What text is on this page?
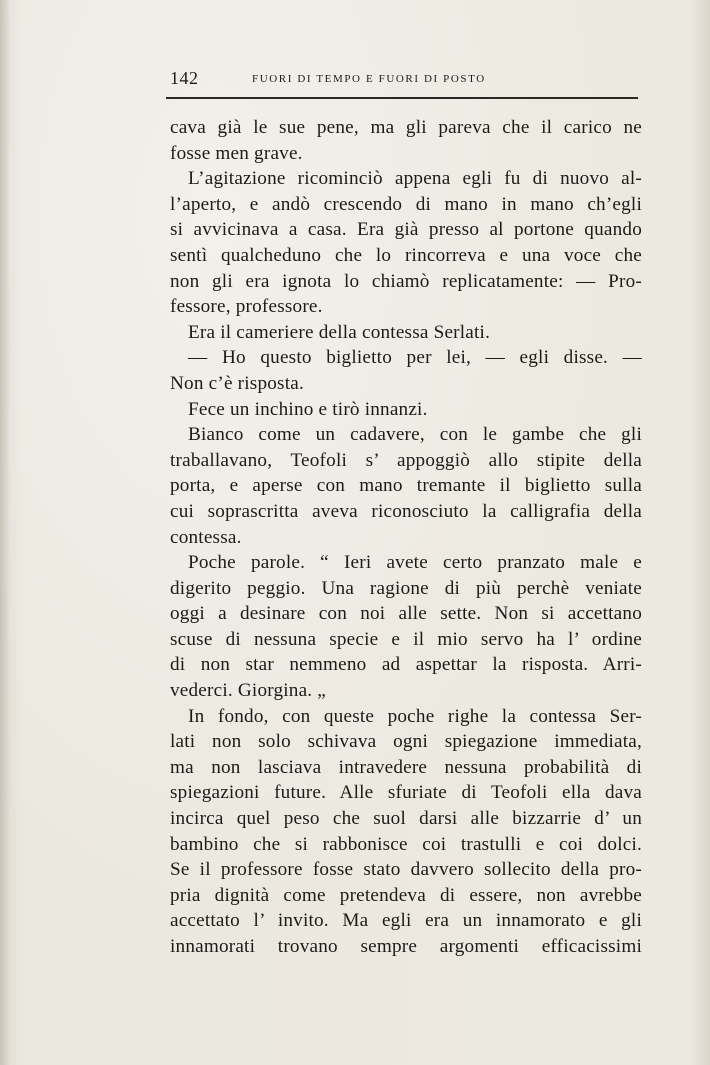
142	FUORI DI TEMPO E FUORI DI POSTO
cava già le sue pene, ma gli pareva che il carico ne
fosse men grave.
L’agitazione ricominciò appena egli fu di nuovo al-
l’aperto, e andò crescendo di mano in mano ch’egli
si avvicinava a casa. Era già presso al portone quando
sentì qualcheduno che lo rincorreva e una voce che
non gli era ignota lo chiamò replicatamente: — Pro-
fessore, professore.
Era il cameriere della contessa Serlati.
— Ho questo biglietto per lei, — egli disse. —
Non c’è risposta.
Fece un inchino e tirò innanzi.
Bianco come un cadavere, con le gambe che gli
traballavano, Teofoli s’ appoggiò allo stipite della
porta, e aperse con mano tremante il biglietto sulla
cui soprascritta aveva riconosciuto la calligrafia della
contessa.
Poche parole. “ Ieri avete certo pranzato male e
digerito peggio. Una ragione di più perchè veniate
oggi a desinare con noi alle sette. Non si accettano
scuse di nessuna specie e il mio servo ha l’ ordine
di non star nemmeno ad aspettar la risposta. Arri-
vederci. Giorgina. „
In fondo, con queste poche righe la contessa Ser-
lati non solo schivava ogni spiegazione immediata,
ma non lasciava intravedere nessuna probabilità di
spiegazioni future. Alle sfuriate di Teofoli ella dava
incirca quel peso che suol darsi alle bizzarrie d’ un
bambino che si rabbonisce coi trastulli e coi dolci.
Se il professore fosse stato davvero sollecito della pro-
pria dignità come pretendeva di essere, non avrebbe
accettato l’ invito. Ma egli era un innamorato e gli
innamorati trovano sempre argomenti efficacissimi
